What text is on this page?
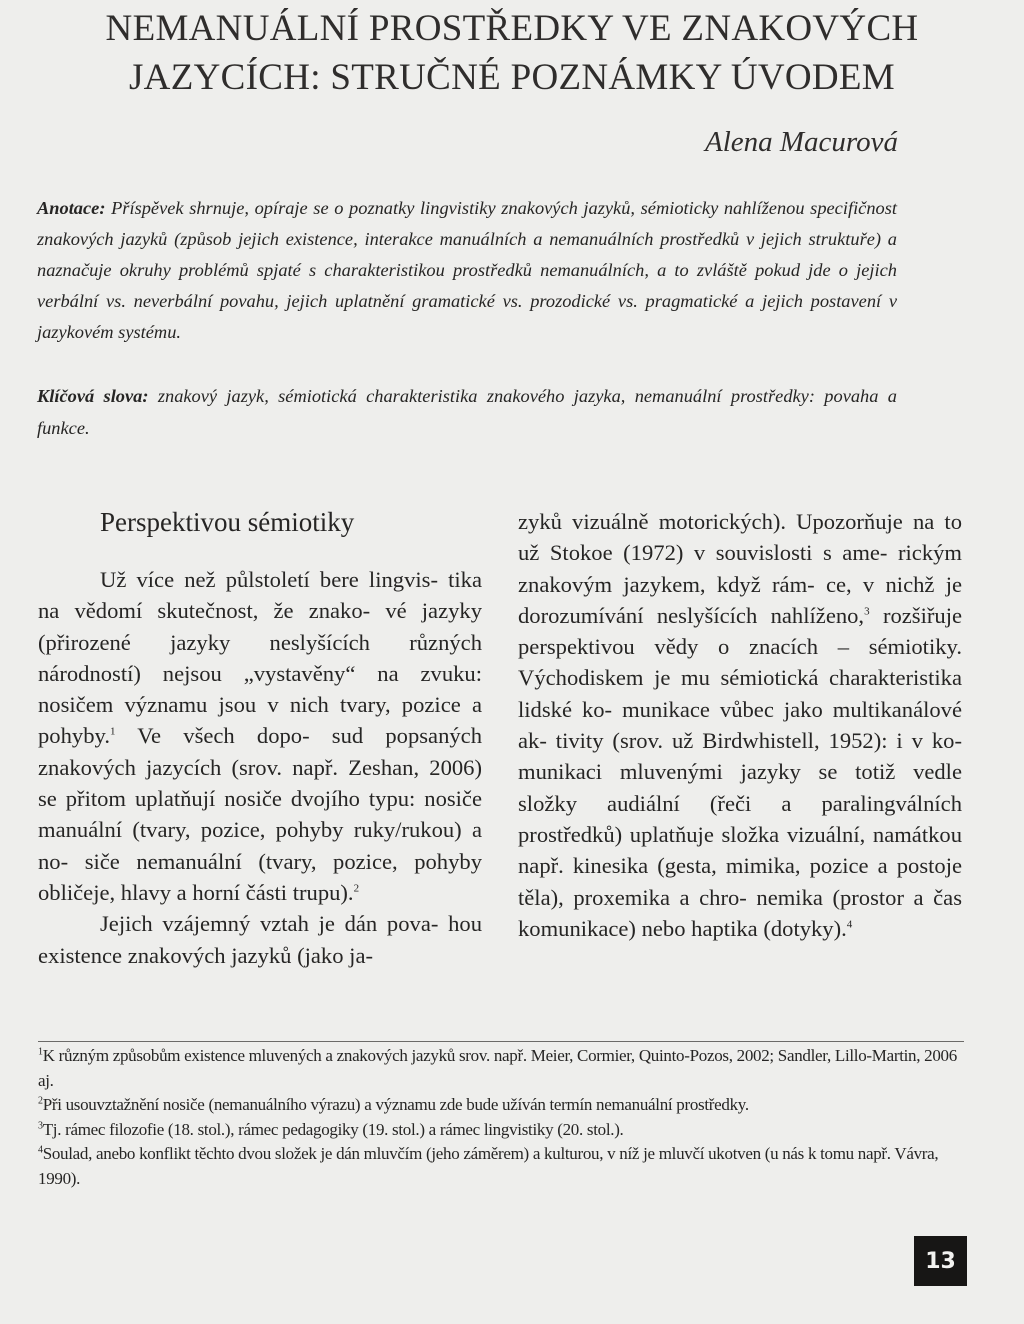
NEMANUÁLNÍ PROSTŘEDKY VE ZNAKOVÝCH
JAZYCÍCH: STRUČNÉ POZNÁMKY ÚVODEM
Alena Macurová

Anotace: Příspěvek shrnuje, opíraje se o poznatky lingvistiky znakových jazyků, sémioticky nahlíženou specifičnost znakových jazyků (způsob jejich existence, interakce manuálních a nemanuálních prostředků v jejich struktuře) a naznačuje okruhy problémů spjaté s charakteristikou prostředků nemanuálních, a to zvláště pokud jde o jejich verbální vs. neverbální povahu, jejich uplatnění gramatické vs. prozodické vs. pragmatické a jejich postavení v jazykovém systému.

Klíčová slova: znakový jazyk, sémiotická charakteristika znakového jazyka, nemanuální prostředky: povaha a funkce.

Perspektivou sémiotiky

Už více než půlstoletí bere lingvis- tika na vědomí skutečnost, že znako- vé jazyky (přirozené jazyky neslyšících různých národností) nejsou „vystavěny“ na zvuku: nosičem významu jsou v nich tvary, pozice a pohyby.$^1$ Ve všech dopo- sud popsaných znakových jazycích (srov. např. Zeshan, 2006) se přitom uplatňují nosiče dvojího typu: nosiče manuální (tvary, pozice, pohyby ruky/rukou) a no- siče nemanuální (tvary, pozice, pohyby obličeje, hlavy a horní části trupu).$^2$

Jejich vzájemný vztah je dán pova- hou existence znakových jazyků (jako ja-

zyků vizuálně motorických). Upozorňuje na to už Stokoe (1972) v souvislosti s ame- rickým znakovým jazykem, když rám- ce, v nichž je dorozumívání neslyšících nahlíženo,$^3$ rozšiřuje perspektivou vědy o znacích – sémiotiky. Východiskem je mu sémiotická charakteristika lidské ko- munikace vůbec jako multikanálové ak- tivity (srov. už Birdwhistell, 1952): i v ko- munikaci mluvenými jazyky se totiž vedle složky audiální (řeči a paralingválních prostředků) uplatňuje složka vizuální, namátkou např. kinesika (gesta, mimika, pozice a postoje těla), proxemika a chro- nemika (prostor a čas komunikace) nebo haptika (dotyky).$^4$

$^1$K různým způsobům existence mluvených a znakových jazyků srov. např. Meier, Cormier, Quinto-Pozos, 2002; Sandler, Lillo-Martin, 2006 aj.

$^2$Při usouvztažnění nosiče (nemanuálního výrazu) a významu zde bude užíván termín nemanuální prostředky.

$^3$Tj. rámec filozofie (18. stol.), rámec pedagogiky (19. stol.) a rámec lingvistiky (20. stol.).

$^4$Soulad, anebo konflikt těchto dvou složek je dán mluvčím (jeho záměrem) a kulturou, v níž je mluvčí ukotven (u nás k tomu např. Vávra, 1990).

13
